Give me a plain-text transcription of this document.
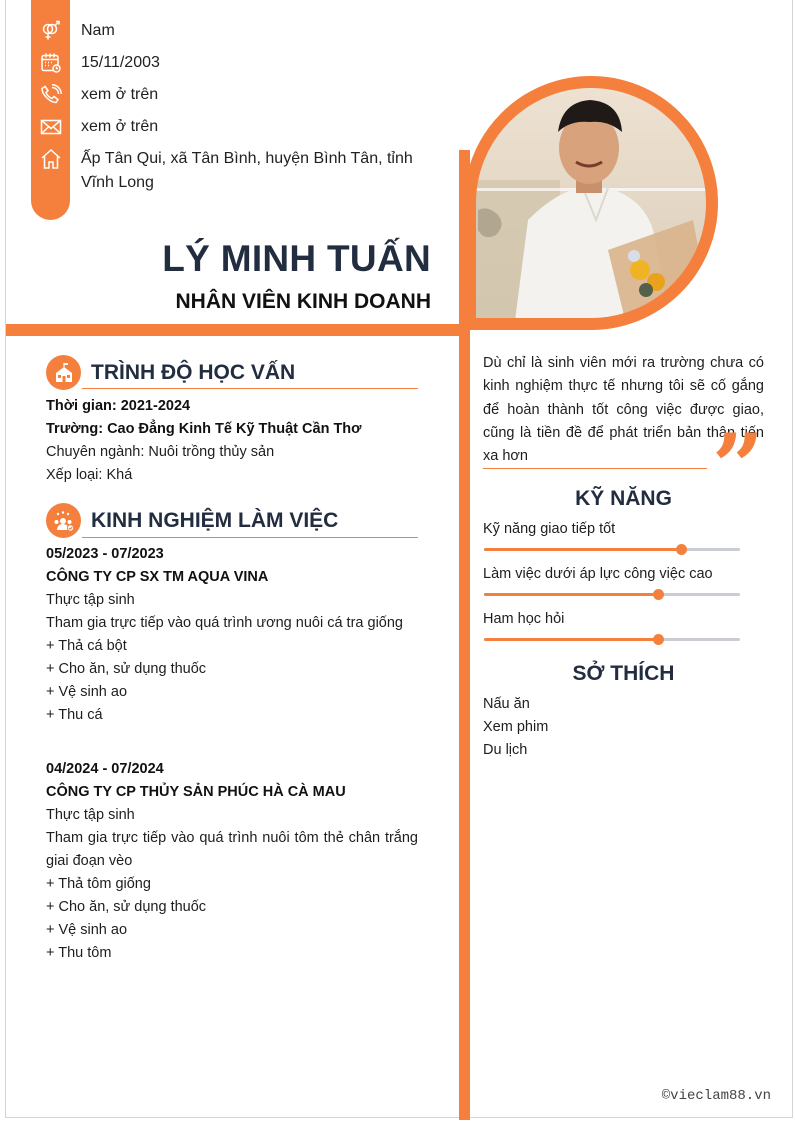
Nam
15/11/2003
xem ở trên
xem ở trên
Ấp Tân Qui, xã Tân Bình, huyện Bình Tân, tỉnh Vĩnh Long
LÝ MINH TUẤN
NHÂN VIÊN KINH DOANH
TRÌNH ĐỘ HỌC VẤN
Thời gian: 2021-2024
Trường: Cao Đẳng Kinh Tế Kỹ Thuật Cần Thơ
Chuyên ngành: Nuôi trồng thủy sản
Xếp loại: Khá
KINH NGHIỆM LÀM VIỆC
05/2023 - 07/2023
CÔNG TY CP SX TM AQUA VINA
Thực tập sinh
Tham gia trực tiếp vào quá trình ương nuôi cá tra giống
+ Thả cá bột
+ Cho ăn, sử dụng thuốc
+ Vệ sinh ao
+ Thu cá
04/2024 - 07/2024
CÔNG TY CP THỦY SẢN PHÚC HÀ CÀ MAU
Thực tập sinh
Tham gia trực tiếp vào quá trình nuôi tôm thẻ chân trắng giai đoạn vèo
+ Thả tôm giống
+ Cho ăn, sử dụng thuốc
+ Vệ sinh ao
+ Thu tôm
Dù chỉ là sinh viên mới ra trường chưa có kinh nghiệm thực tế nhưng tôi sẽ cố gắng để hoàn thành tốt công việc được giao, cũng là tiền đề để phát triển bản thân tiến xa hơn	”
KỸ NĂNG
Kỹ năng giao tiếp tốt
Làm việc dưới áp lực công việc cao
Ham học hỏi
SỞ THÍCH
Nấu ăn
Xem phim
Du lịch
©vieclam88.vn
